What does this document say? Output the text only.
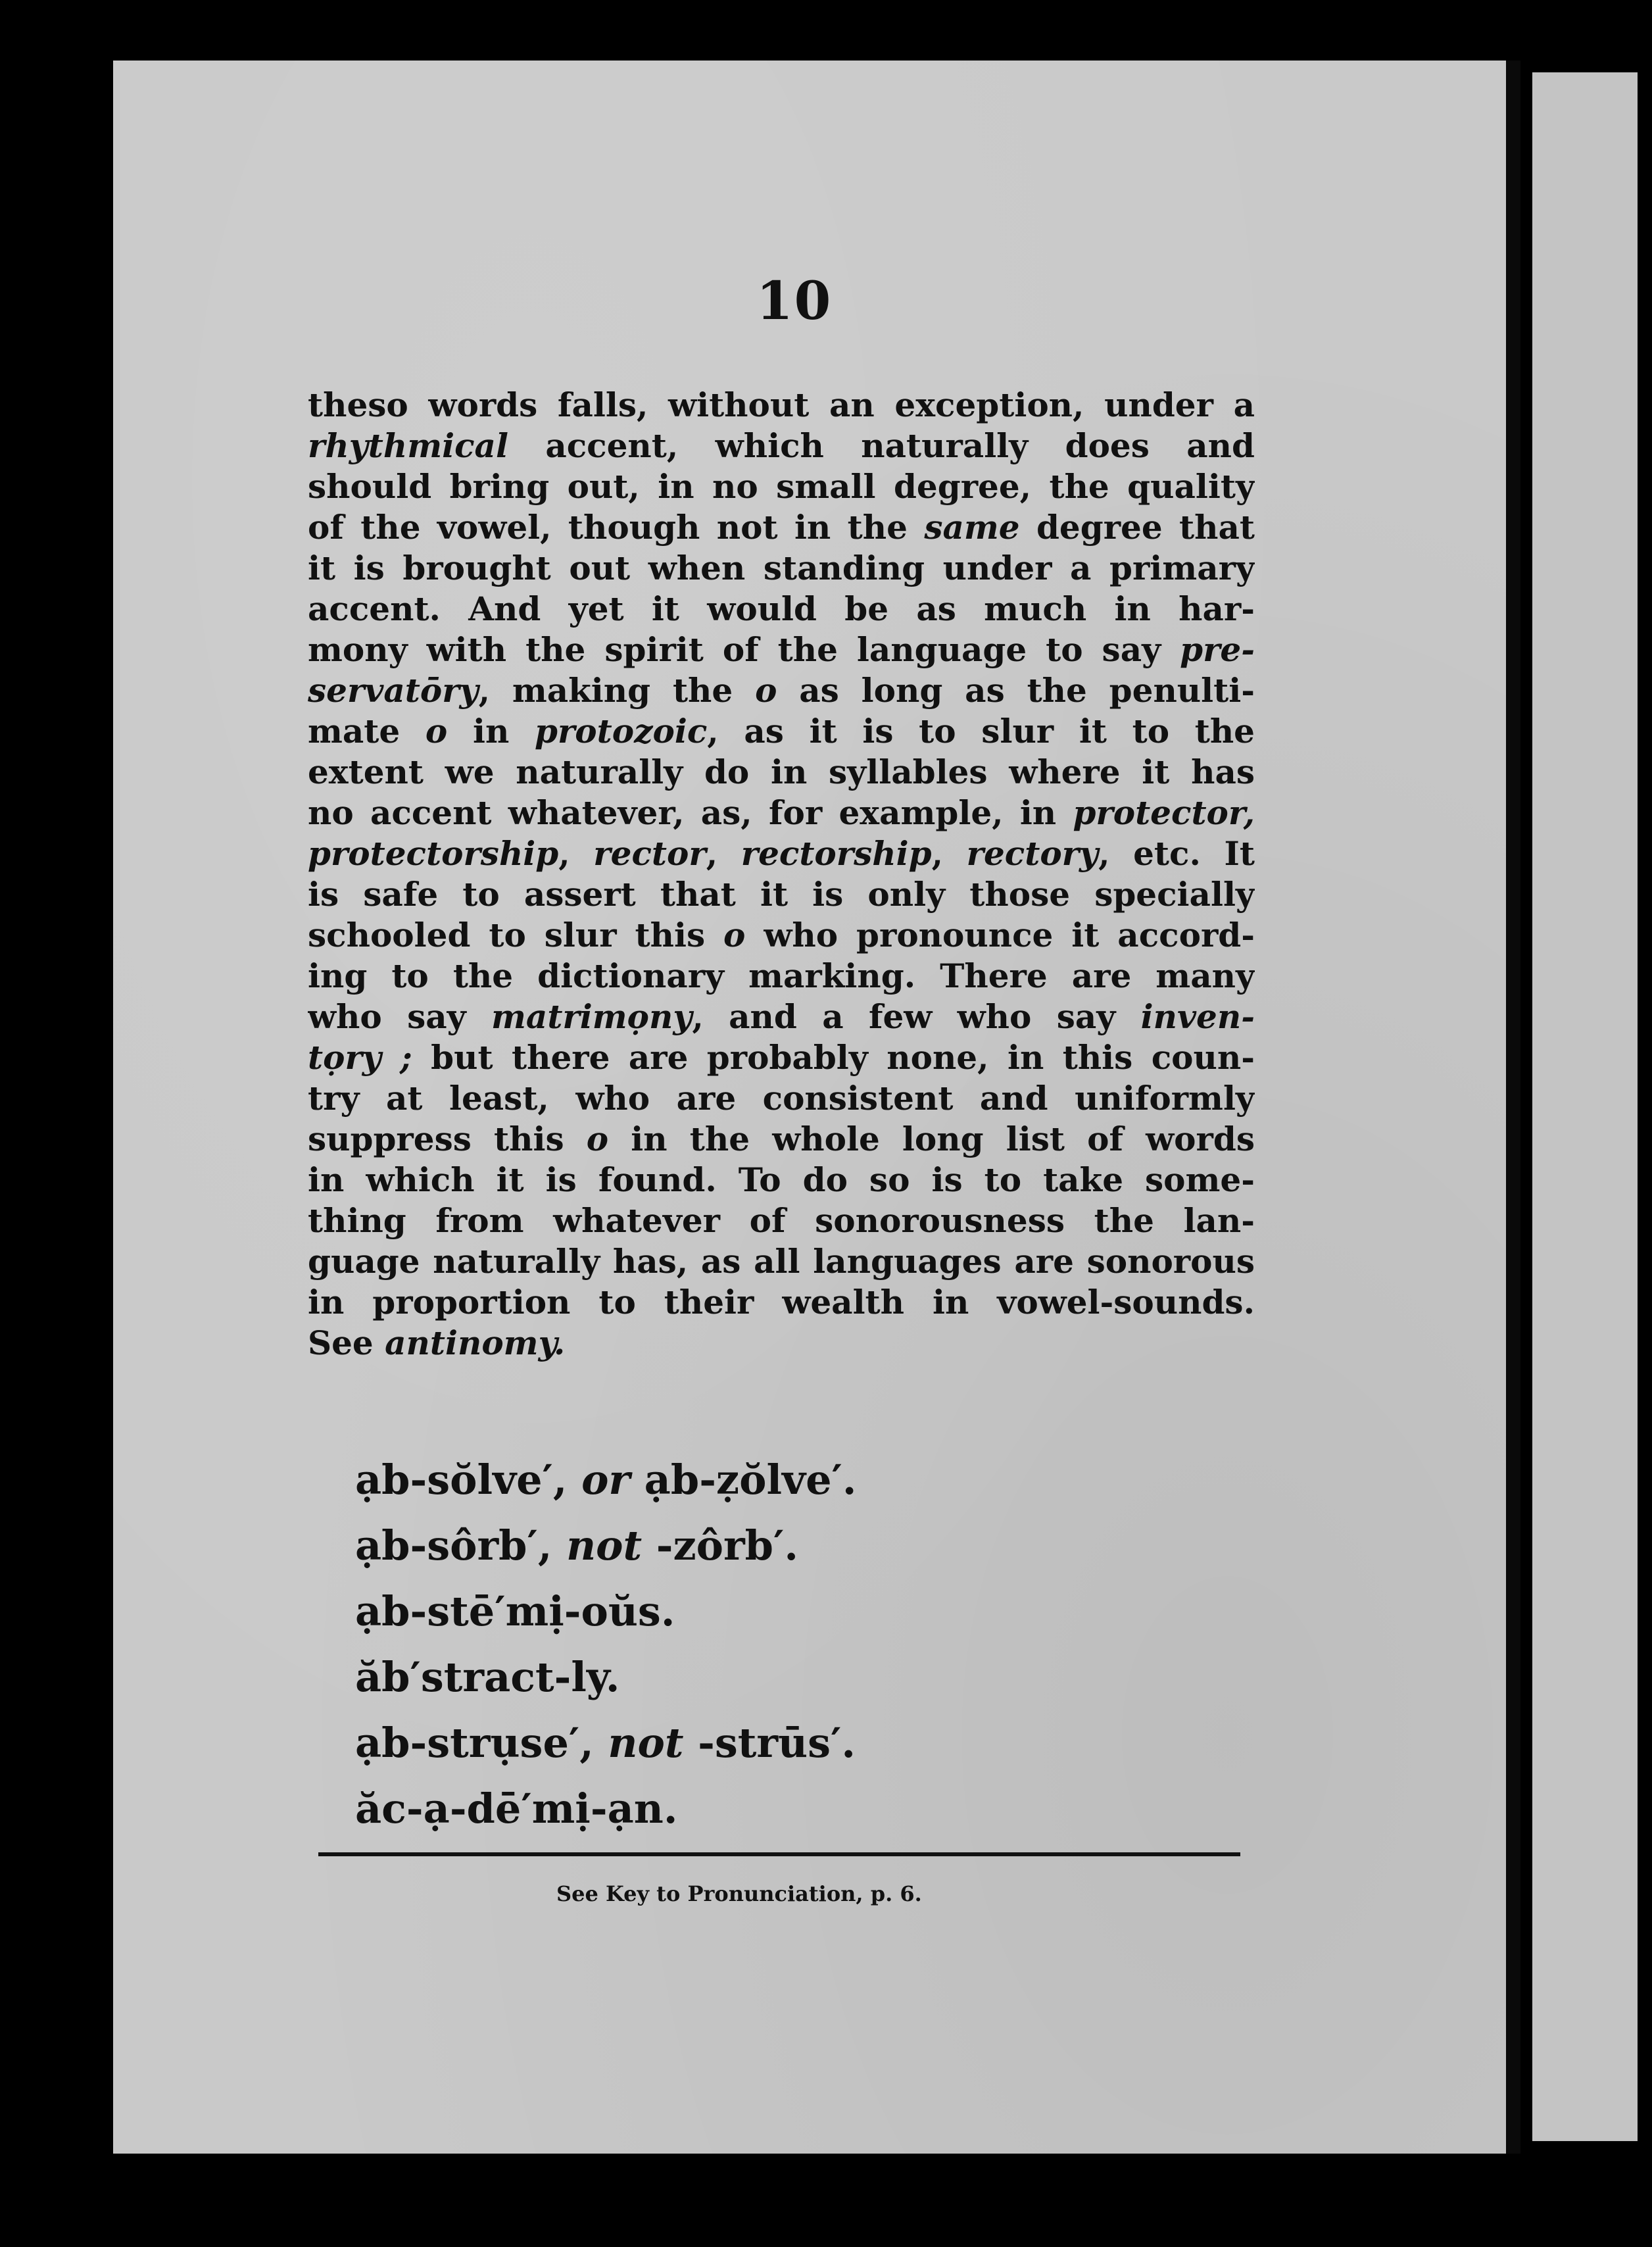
10
theso words falls, without an exception, under a
rhythmical accent, which naturally does and
should bring out, in no small degree, the quality
of the vowel, though not in the same degree that
it is brought out when standing under a primary
accent. And yet it would be as much in har-
mony with the spirit of the language to say pre-
servatōry, making the o as long as the penulti-
mate o in protozoic, as it is to slur it to the
extent we naturally do in syllables where it has
no accent whatever, as, for example, in protector,
protectorship, rector, rectorship, rectory, etc. It
is safe to assert that it is only those specially
schooled to slur this o who pronounce it accord-
ing to the dictionary marking. There are many
who say matrimọny, and a few who say inven-
tọry ; but there are probably none, in this coun-
try at least, who are consistent and uniformly
suppress this o in the whole long list of words
in which it is found. To do so is to take some-
thing from whatever of sonorousness the lan-
guage naturally has, as all languages are sonorous
in proportion to their wealth in vowel-sounds.
See antinomy.
ạb-sŏlve′, or ạb-ẓŏlve′.
ạb-sôrb′, not -zôrb′.
ạb-stē′mị-oŭs.
ăb′stract-ly.
ạb-strụse′, not -strūs′.
ăc-ạ-dē′mị-ạn.
See Key to Pronunciation, p. 6.
